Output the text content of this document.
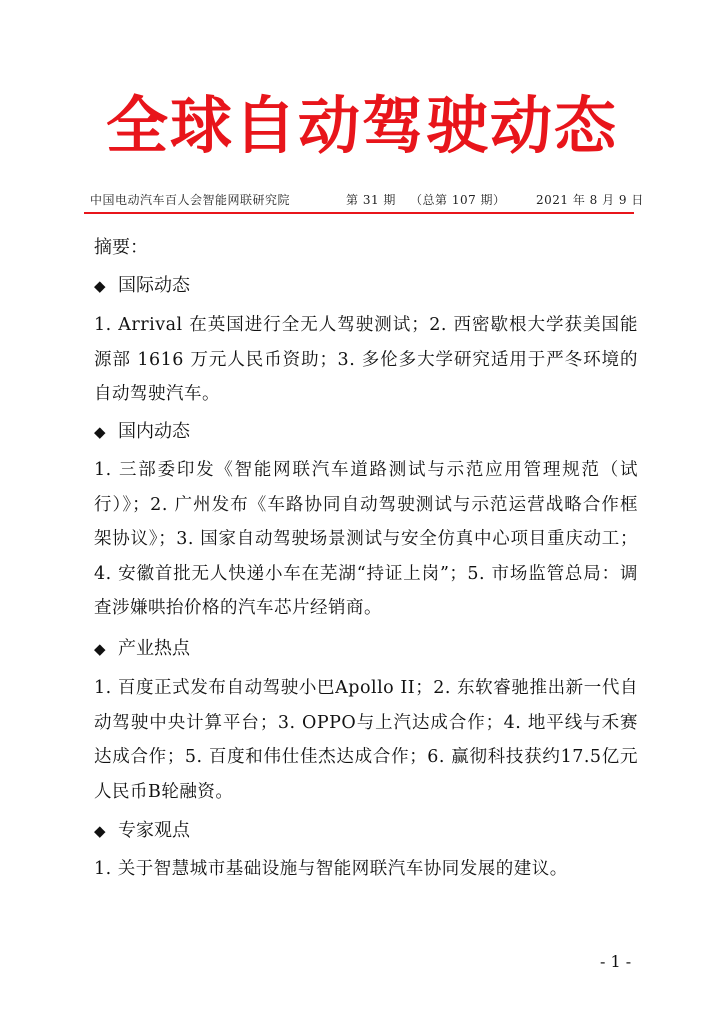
全球自动驾驶动态
中国电动汽车百人会智能网联研究院	第 31 期 （总第 107 期）	2021 年 8 月 9 日
摘要：
◆ 国际动态
1. Arrival 在英国进行全无人驾驶测试；2. 西密歇根大学获美国能源部 1616 万元人民币资助；3. 多伦多大学研究适用于严冬环境的自动驾驶汽车。
◆ 国内动态
1. 三部委印发《智能网联汽车道路测试与示范应用管理规范（试行）》；2. 广州发布《车路协同自动驾驶测试与示范运营战略合作框架协议》；3. 国家自动驾驶场景测试与安全仿真中心项目重庆动工；4. 安徽首批无人快递小车在芜湖“持证上岗”；5. 市场监管总局：调查涉嫌哄抬价格的汽车芯片经销商。
◆ 产业热点
1. 百度正式发布自动驾驶小巴Apollo II；2. 东软睿驰推出新一代自动驾驶中央计算平台；3. OPPO与上汽达成合作；4. 地平线与禾赛达成合作；5. 百度和伟仕佳杰达成合作；6. 赢彻科技获约17.5亿元人民币B轮融资。
◆ 专家观点
1. 关于智慧城市基础设施与智能网联汽车协同发展的建议。
- 1 -
